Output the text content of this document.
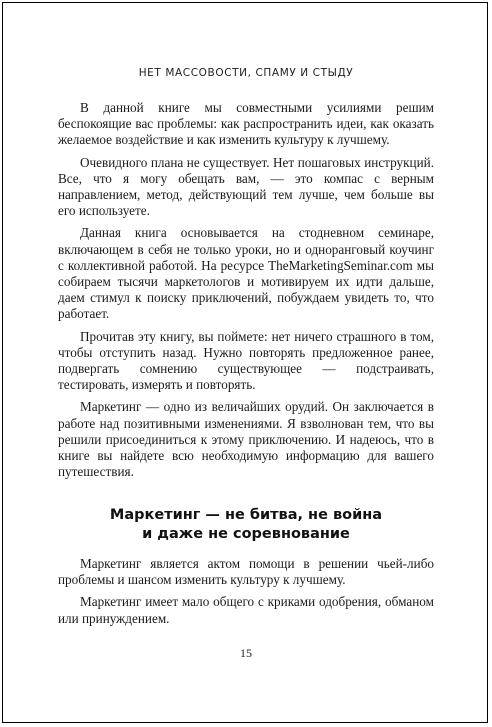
НЕТ МАССОВОСТИ, СПАМУ И СТЫДУ

В данной книге мы совместными усилиями решим беспокоящие вас проблемы: как распространить идеи, как оказать желаемое воздействие и как изменить культуру к лучшему.

Очевидного плана не существует. Нет пошаговых инструкций. Все, что я могу обещать вам, — это компас с верным направлением, метод, действующий тем лучше, чем больше вы его используете.

Данная книга основывается на стодневном семинаре, включающем в себя не только уроки, но и одноранговый коучинг с коллективной работой. На ресурсе TheMarketingSeminar.com мы собираем тысячи маркетологов и мотивируем их идти дальше, даем стимул к поиску приключений, побуждаем увидеть то, что работает.

Прочитав эту книгу, вы поймете: нет ничего страшного в том, чтобы отступить назад. Нужно повторять предложенное ранее, подвергать сомнению существующее — подстраивать, тестировать, измерять и повторять.

Маркетинг — одно из величайших орудий. Он заключается в работе над позитивными изменениями. Я взволнован тем, что вы решили присоединиться к этому приключению. И надеюсь, что в книге вы найдете всю необходимую информацию для вашего путешествия.

Маркетинг — не битва, не война
и даже не соревнование

Маркетинг является актом помощи в решении чьей-либо проблемы и шансом изменить культуру к лучшему.

Маркетинг имеет мало общего с криками одобрения, обманом или принуждением.

15
